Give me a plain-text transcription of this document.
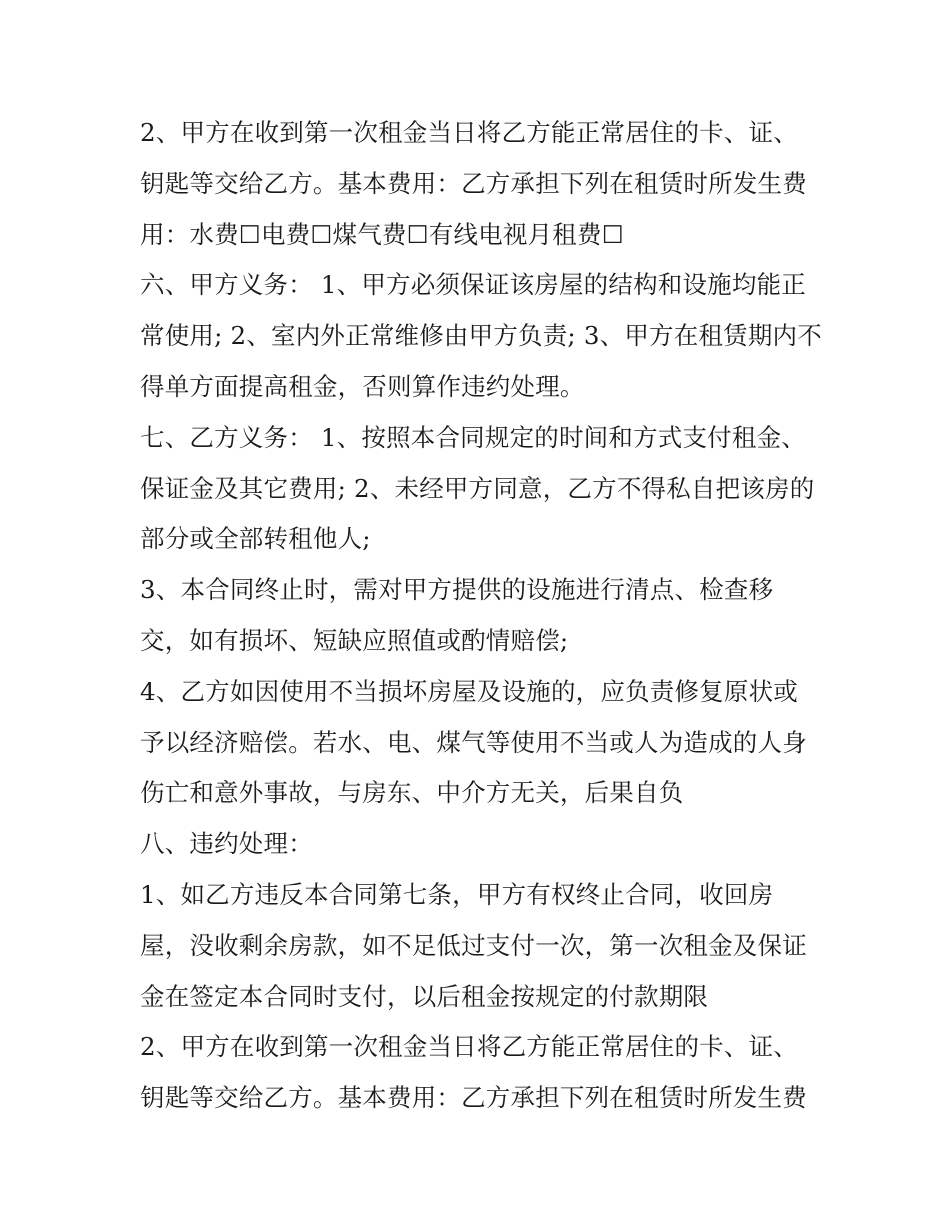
2、甲方在收到第一次租金当日将乙方能正常居住的卡、证、
钥匙等交给乙方。基本费用：乙方承担下列在租赁时所发生费
用：水费☐电费☐煤气费☐有线电视月租费☐
六、甲方义务： 1、甲方必须保证该房屋的结构和设施均能正
常使用; 2、室内外正常维修由甲方负责; 3、甲方在租赁期内不
得单方面提高租金，否则算作违约处理。
七、乙方义务： 1、按照本合同规定的时间和方式支付租金、
保证金及其它费用; 2、未经甲方同意，乙方不得私自把该房的
部分或全部转租他人;
3、本合同终止时，需对甲方提供的设施进行清点、检查移
交，如有损坏、短缺应照值或酌情赔偿;
4、乙方如因使用不当损坏房屋及设施的，应负责修复原状或
予以经济赔偿。若水、电、煤气等使用不当或人为造成的人身
伤亡和意外事故，与房东、中介方无关，后果自负
八、违约处理：
1、如乙方违反本合同第七条，甲方有权终止合同，收回房
屋，没收剩余房款，如不足低过支付一次，第一次租金及保证
金在签定本合同时支付，以后租金按规定的付款期限
2、甲方在收到第一次租金当日将乙方能正常居住的卡、证、
钥匙等交给乙方。基本费用：乙方承担下列在租赁时所发生费
